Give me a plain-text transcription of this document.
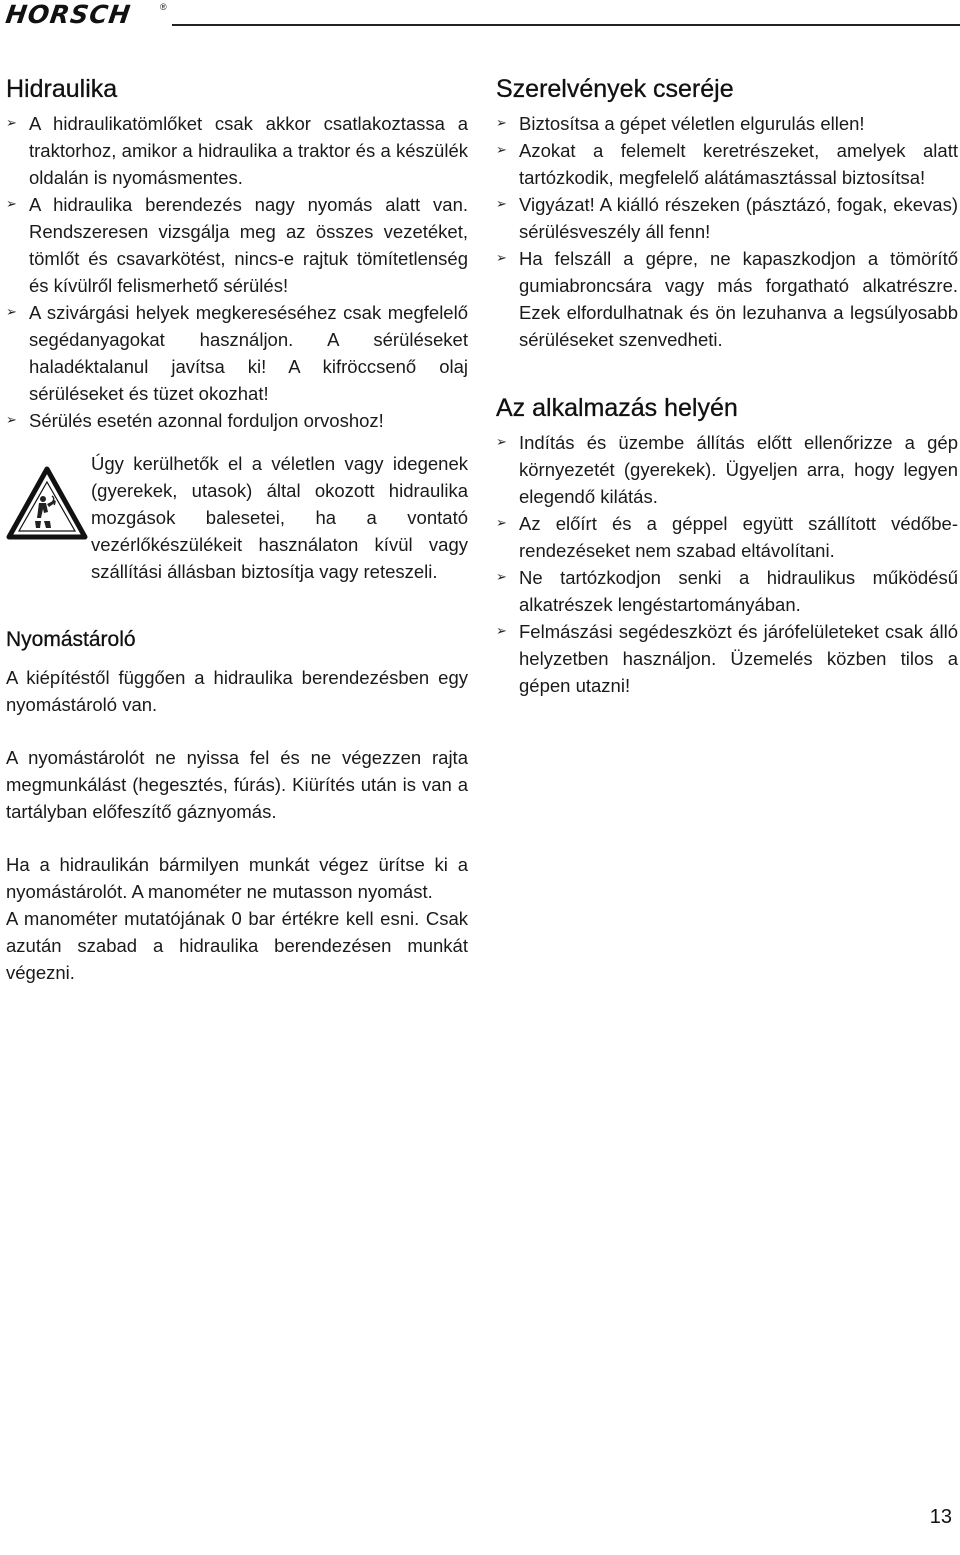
HORSCH	®
Hidraulika
➢ A hidraulikatömlőket csak akkor csatlakoztassa a traktorhoz, amikor a hidraulika a traktor és a készülék oldalán is nyomásmentes.
➢ A hidraulika berendezés nagy nyomás alatt van. Rendszeresen vizsgálja meg az összes vezetéket, tömlőt és csavarkötést, nincs-e rajtuk tömítetlenség és kívülről felismerhető sérülés!
➢ A szivárgási helyek megkereséséhez csak megfelelő segédanyagokat használjon. A sérüléseket haladéktalanul javítsa ki! A kifröccsenő olaj sérüléseket és tüzet okozhat!
➢ Sérülés esetén azonnal forduljon orvoshoz!
Úgy kerülhetők el a véletlen vagy idegenek (gyerekek, utasok) által okozott hidraulika mozgások balesetei, ha a vontató vezérlőkészülékeit használaton kívül vagy szállítási állásban biztosítja vagy reteszeli.
Nyomástároló

A kiépítéstől függően a hidraulika berendezésben egy nyomástároló van.

A nyomástárolót ne nyissa fel és ne végezzen rajta megmunkálást (hegesztés, fúrás). Kiürítés után is van a tartályban előfeszítő gáznyomás.

Ha a hidraulikán bármilyen munkát végez ürítse ki a nyomástárolót. A manométer ne mutasson nyomást.

A manométer mutatójának 0 bar értékre kell esni. Csak azután szabad a hidraulika berendezésen munkát végezni.

Szerelvények cseréje
➢ Biztosítsa a gépet véletlen elgurulás ellen!
➢ Azokat a felemelt keretrészeket, amelyek alatt tartózkodik, megfelelő alátámasztással biztosítsa!
➢ Vigyázat! A kiálló részeken (pásztázó, fogak, ekevas) sérülésveszély áll fenn!
➢ Ha felszáll a gépre, ne kapaszkodjon a tömörítő gumiabroncsára vagy más forgatható alkatrészre. Ezek elfordulhatnak és ön lezuhanva a legsúlyosabb sérüléseket szenvedheti.
Az alkalmazás helyén
➢ Indítás és üzembe állítás előtt ellenőrizze a gép környezetét (gyerekek). Ügyeljen arra, hogy legyen elegendő kilátás.
➢ Az előírt és a géppel együtt szállított védőberendezéseket nem szabad eltávolítani.
➢ Ne tartózkodjon senki a hidraulikus működésű alkatrészek lengéstartományában.
➢ Felmászási segédeszközt és járófelületeket csak álló helyzetben használjon. Üzemelés közben tilos a gépen utazni!
13
